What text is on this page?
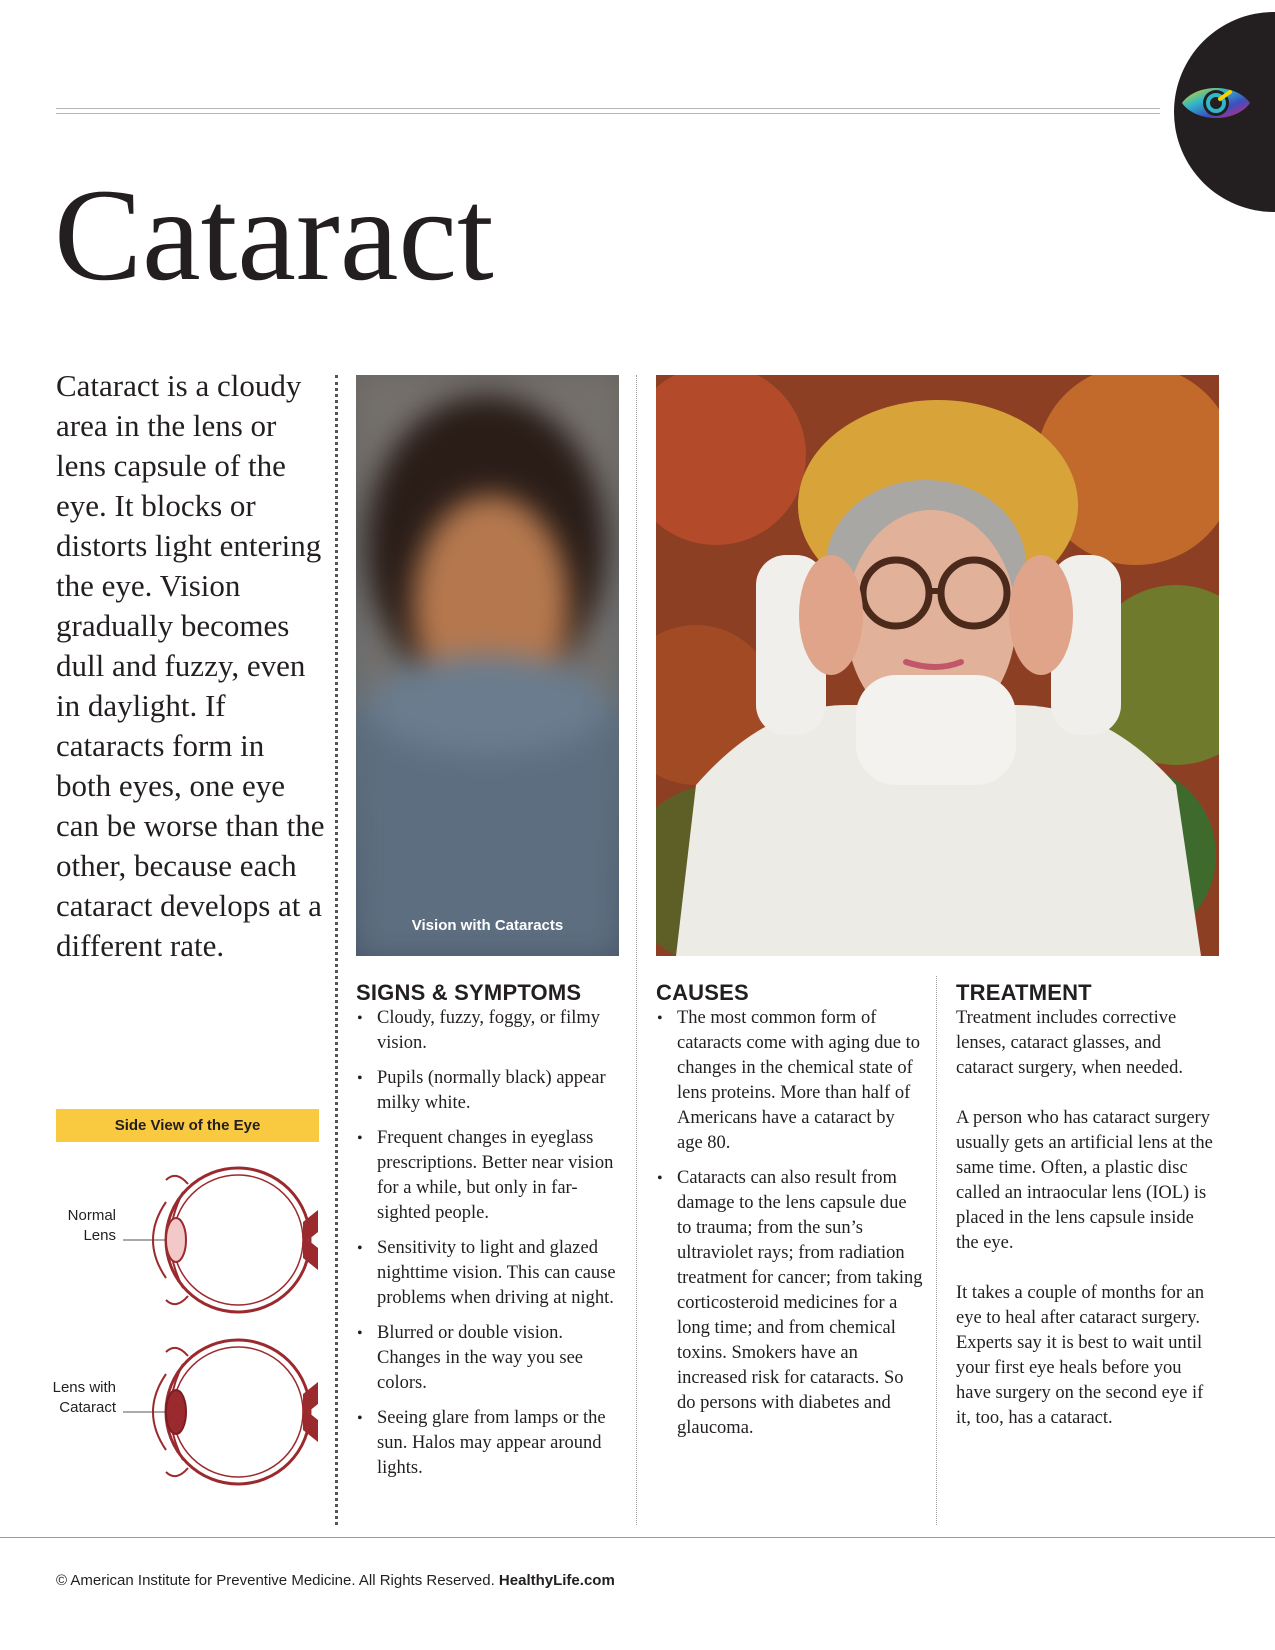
Cataract

Cataract is a cloudy area in the lens or lens capsule of the eye. It blocks or distorts light entering the eye. Vision gradually becomes dull and fuzzy, even in daylight. If cataracts form in both eyes, one eye can be worse than the other, because each cataract develops at a different rate.

Vision with Cataracts
SIGNS & SYMPTOMS
• Cloudy, fuzzy, foggy, or filmy vision.
• Pupils (normally black) appear milky white.
• Frequent changes in eyeglass prescriptions. Better near vision for a while, but only in far-sighted people.
• Sensitivity to light and glazed nighttime vision. This can cause problems when driving at night.
• Blurred or double vision. Changes in the way you see colors.
• Seeing glare from lamps or the sun. Halos may appear around lights.
CAUSES
• The most common form of cataracts come with aging due to changes in the chemical state of lens proteins. More than half of Americans have a cataract by age 80.
• Cataracts can also result from damage to the lens capsule due to trauma; from the sun’s ultraviolet rays; from radiation treatment for cancer; from taking corticosteroid medicines for a long time; and from chemical toxins. Smokers have an increased risk for cataracts. So do persons with diabetes and glaucoma.
TREATMENT

Treatment includes corrective lenses, cataract glasses, and cataract surgery, when needed.

A person who has cataract surgery usually gets an artificial lens at the same time. Often, a plastic disc called an intraocular lens (IOL) is placed in the lens capsule inside the eye.

It takes a couple of months for an eye to heal after cataract surgery. Experts say it is best to wait until your first eye heals before you have surgery on the second eye if it, too, has a cataract.

Side View of the Eye
Normal
Lens
Lens with
Cataract
© American Institute for Preventive Medicine. All Rights Reserved. HealthyLife.com
